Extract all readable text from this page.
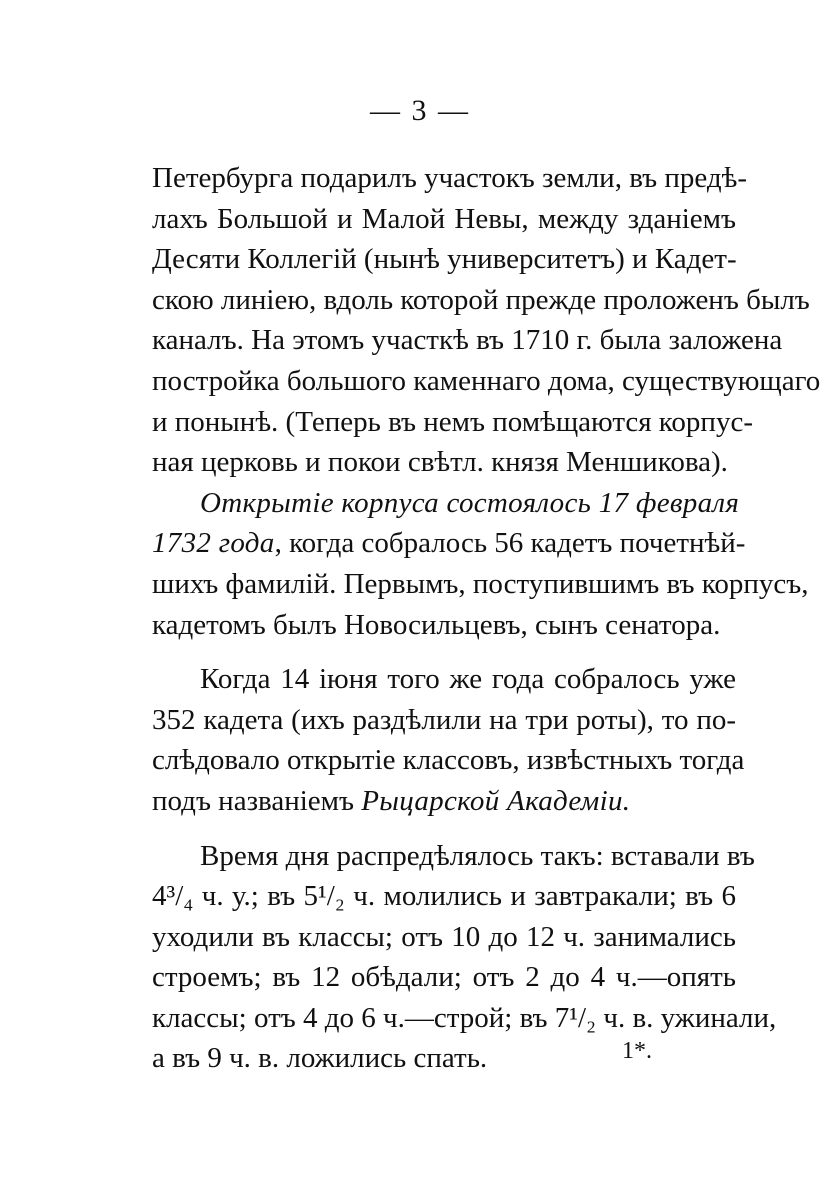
— 3 —
Петербурга подарилъ участокъ земли, въ предѣ-
лахъ Большой и Малой Невы, между зданіемъ
Десяти Коллегій (нынѣ университетъ) и Кадет-
скою линіею, вдоль которой прежде проложенъ былъ
каналъ. На этомъ участкѣ въ 1710 г. была заложена
постройка большого каменнаго дома, существующаго
и понынѣ. (Теперь въ немъ помѣщаются корпус-
ная церковь и покои свѣтл. князя Меншикова).
Открытіе корпуса состоялось 17 февраля
1732 года, когда собралось 56 кадетъ почетнѣй-
шихъ фамилій. Первымъ, поступившимъ въ корпусъ,
кадетомъ былъ Новосильцевъ, сынъ сенатора.
Когда 14 іюня того же года собралось уже
352 кадета (ихъ раздѣлили на три роты), то по-
слѣдовало открытіе классовъ, извѣстныхъ тогда
подъ названіемъ Рыцарской Академіи.
Время дня распредѣлялось такъ: вставали въ
4³/₄ ч. у.; въ 5¹/₂ ч. молились и завтракали; въ 6
уходили въ классы; отъ 10 до 12 ч. занимались
строемъ; въ 12 обѣдали; отъ 2 до 4 ч.—опять
классы; отъ 4 до 6 ч.—строй; въ 7¹/₂ ч. в. ужинали,
а въ 9 ч. в. ложились спать.	1*.
